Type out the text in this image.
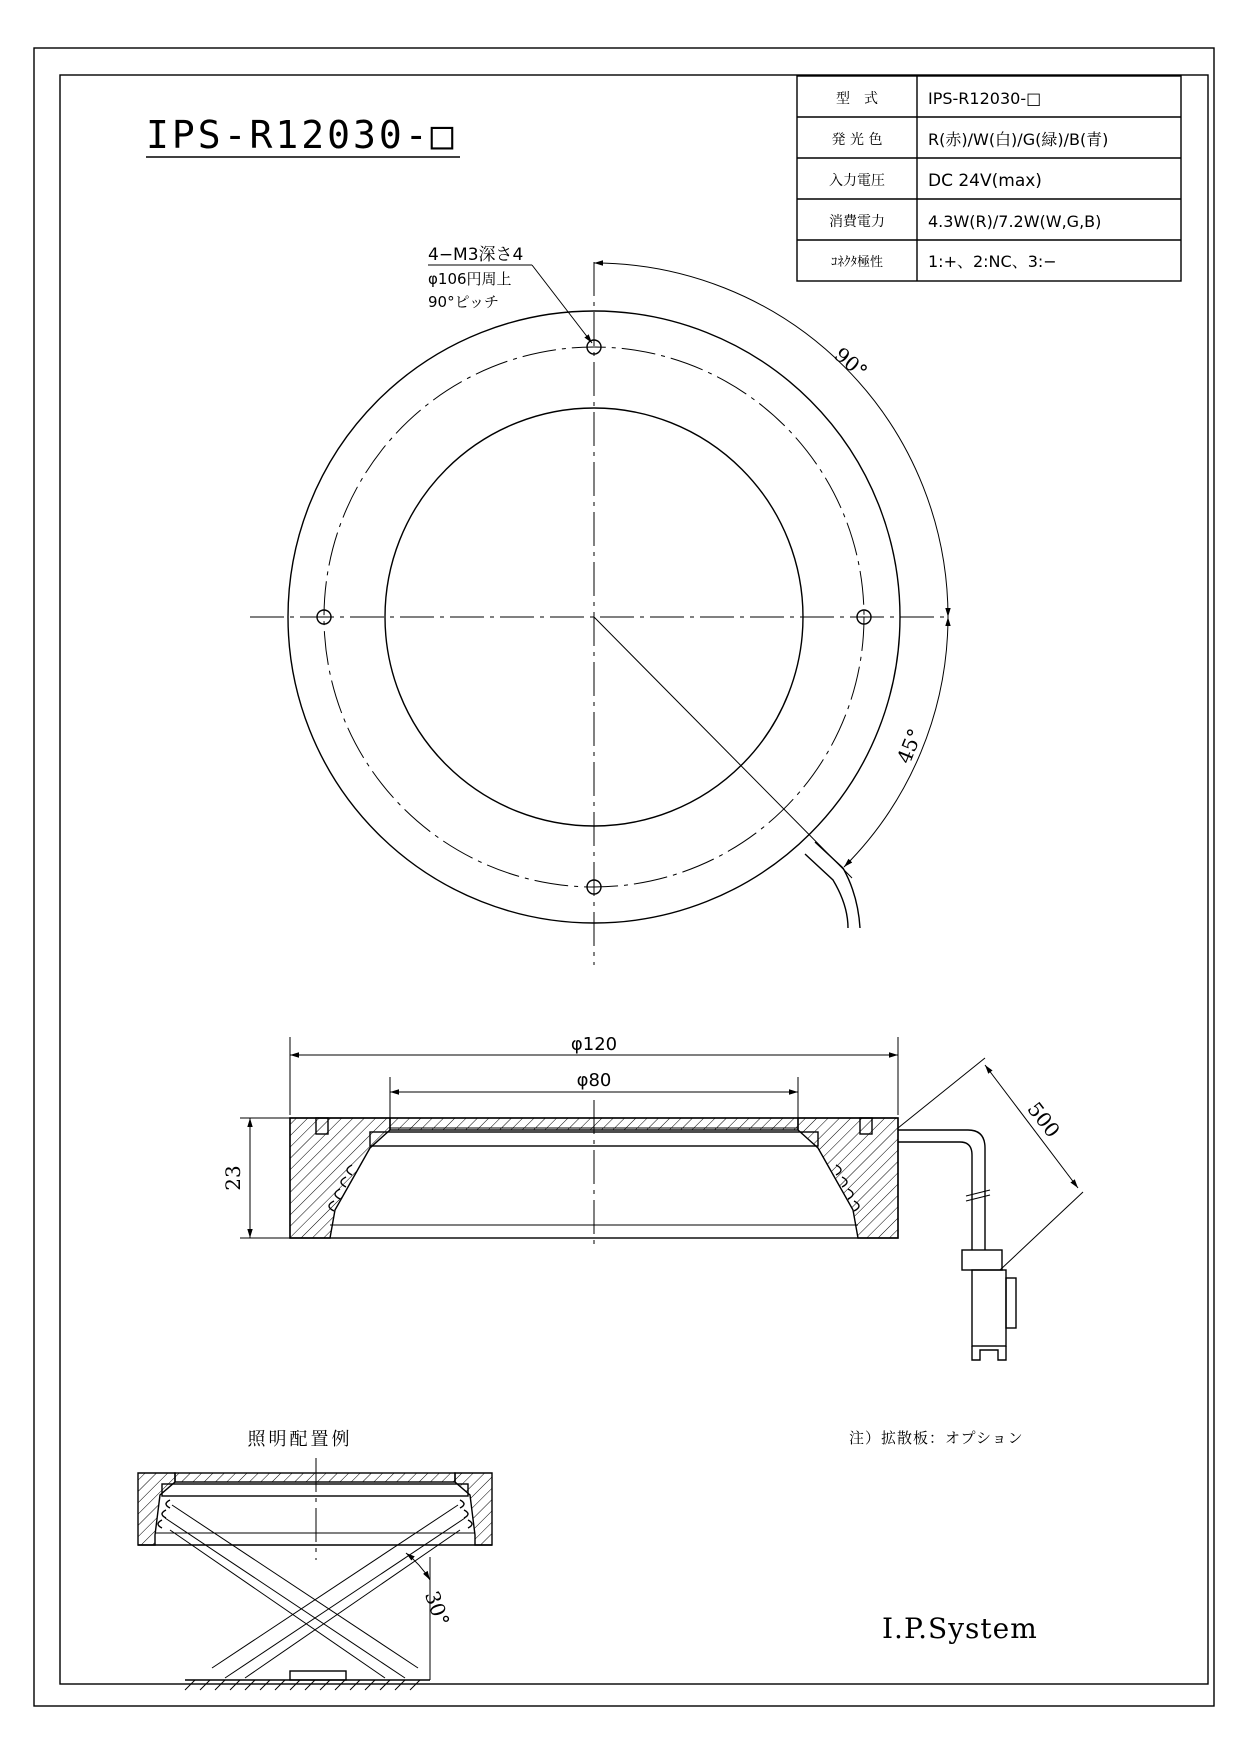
IPS-R12030-□
型　式	IPS-R12030-□
発 光 色	R(赤)/W(白)/G(緑)/B(青)
入力電圧	DC 24V(max)
消費電力	4.3W(R)/7.2W(W,G,B)
ｺﾈｸﾀ極性	1:+、2:NC、3:−
90°
45°
4−M3深さ4
φ106円周上
90°ピッチ
φ120
φ80
23
500
照明配置例
30°
注）拡散板：オプション
I.P.System
